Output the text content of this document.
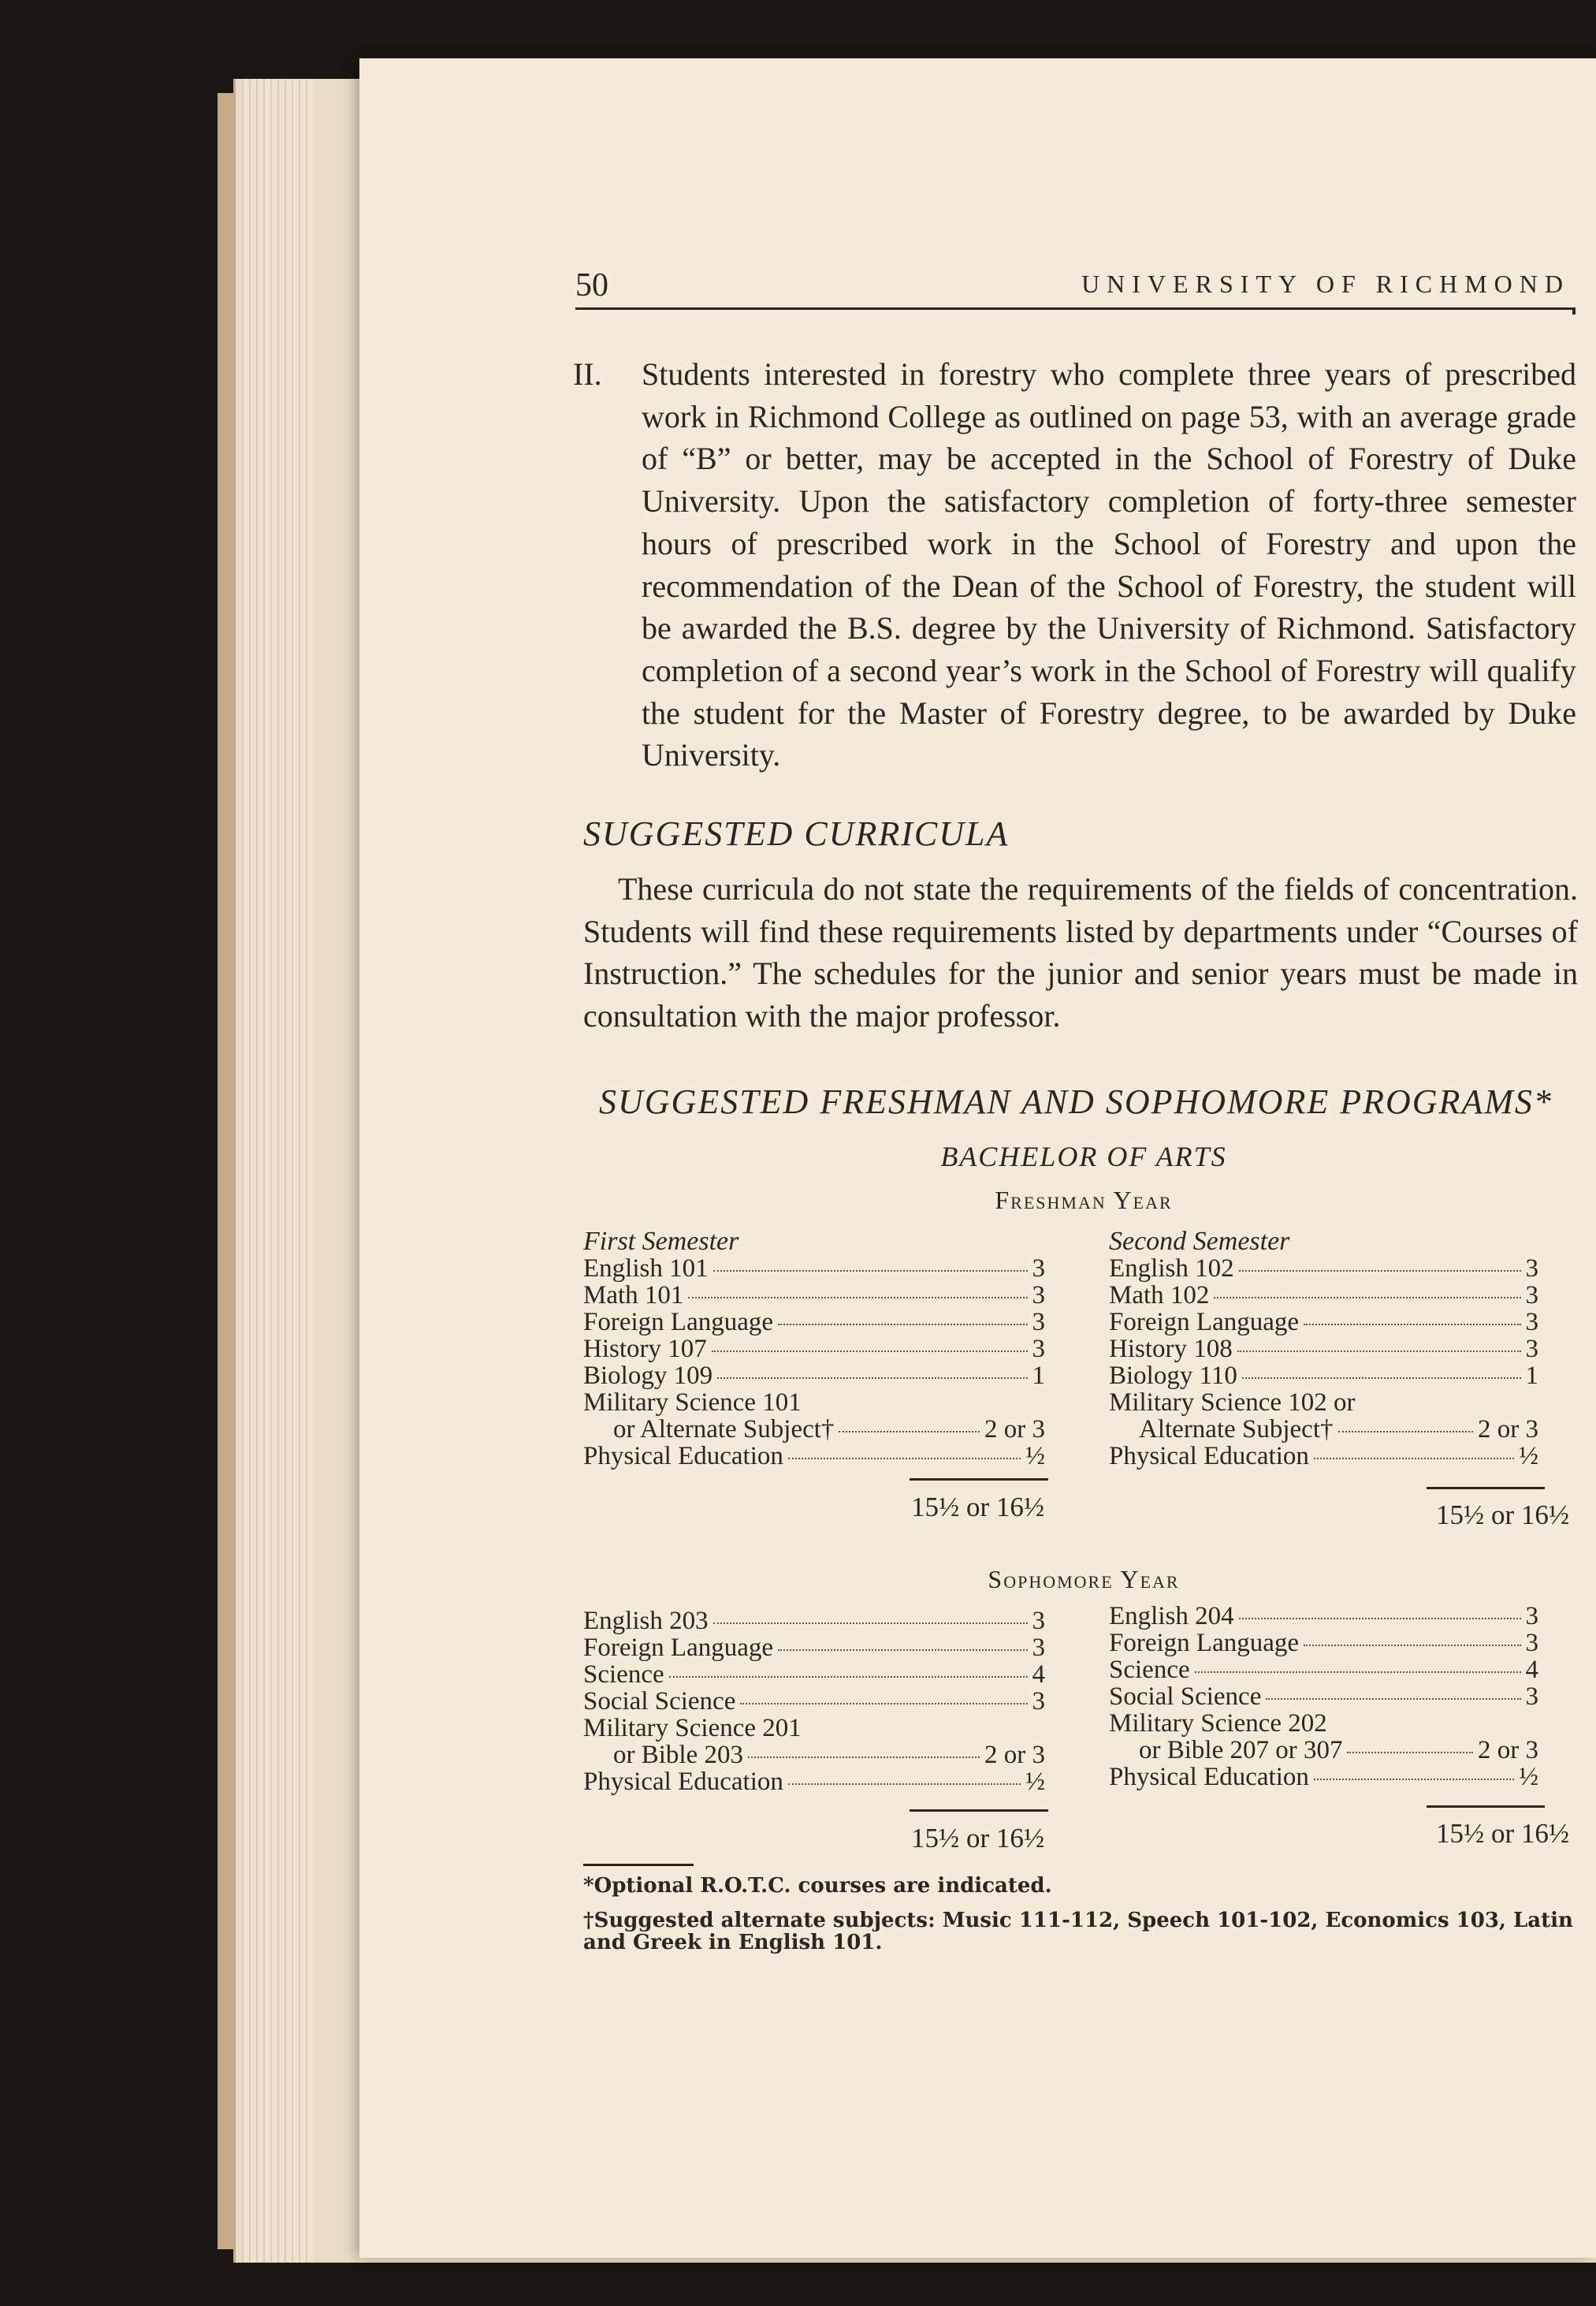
50	UNIVERSITY OF RICHMOND
II. Students interested in forestry who complete three years of prescribed work in Richmond College as outlined on page 53, with an average grade of “B” or better, may be accepted in the School of Forestry of Duke University. Upon the satisfactory completion of forty-three semester hours of prescribed work in the School of Forestry and upon the recommendation of the Dean of the School of Forestry, the student will be awarded the B.S. degree by the University of Richmond. Satisfactory completion of a second year’s work in the School of Forestry will qualify the student for the Master of Forestry degree, to be awarded by Duke University.

SUGGESTED CURRICULA

These curricula do not state the requirements of the fields of concentration. Students will find these requirements listed by departments under “Courses of Instruction.” The schedules for the junior and senior years must be made in consultation with the major professor.

SUGGESTED FRESHMAN AND SOPHOMORE PROGRAMS*
BACHELOR OF ARTS
Freshman Year
First Semester
English 101	3
Math 101	3
Foreign Language	3
History 107	3
Biology 109	1
Military Science 101
or Alternate Subject†	2 or 3
Physical Education	½
15½ or 16½
Second Semester
English 102	3
Math 102	3
Foreign Language	3
History 108	3
Biology 110	1
Military Science 102 or
Alternate Subject†	2 or 3
Physical Education	½
15½ or 16½
Sophomore Year
English 203	3
Foreign Language	3
Science	4
Social Science	3
Military Science 201
or Bible 203	2 or 3
Physical Education	½
15½ or 16½
English 204	3
Foreign Language	3
Science	4
Social Science	3
Military Science 202
or Bible 207 or 307	2 or 3
Physical Education	½
15½ or 16½
*Optional R.O.T.C. courses are indicated.
†Suggested alternate subjects: Music 111-112, Speech 101-102, Economics 103, Latin and Greek in English 101.
